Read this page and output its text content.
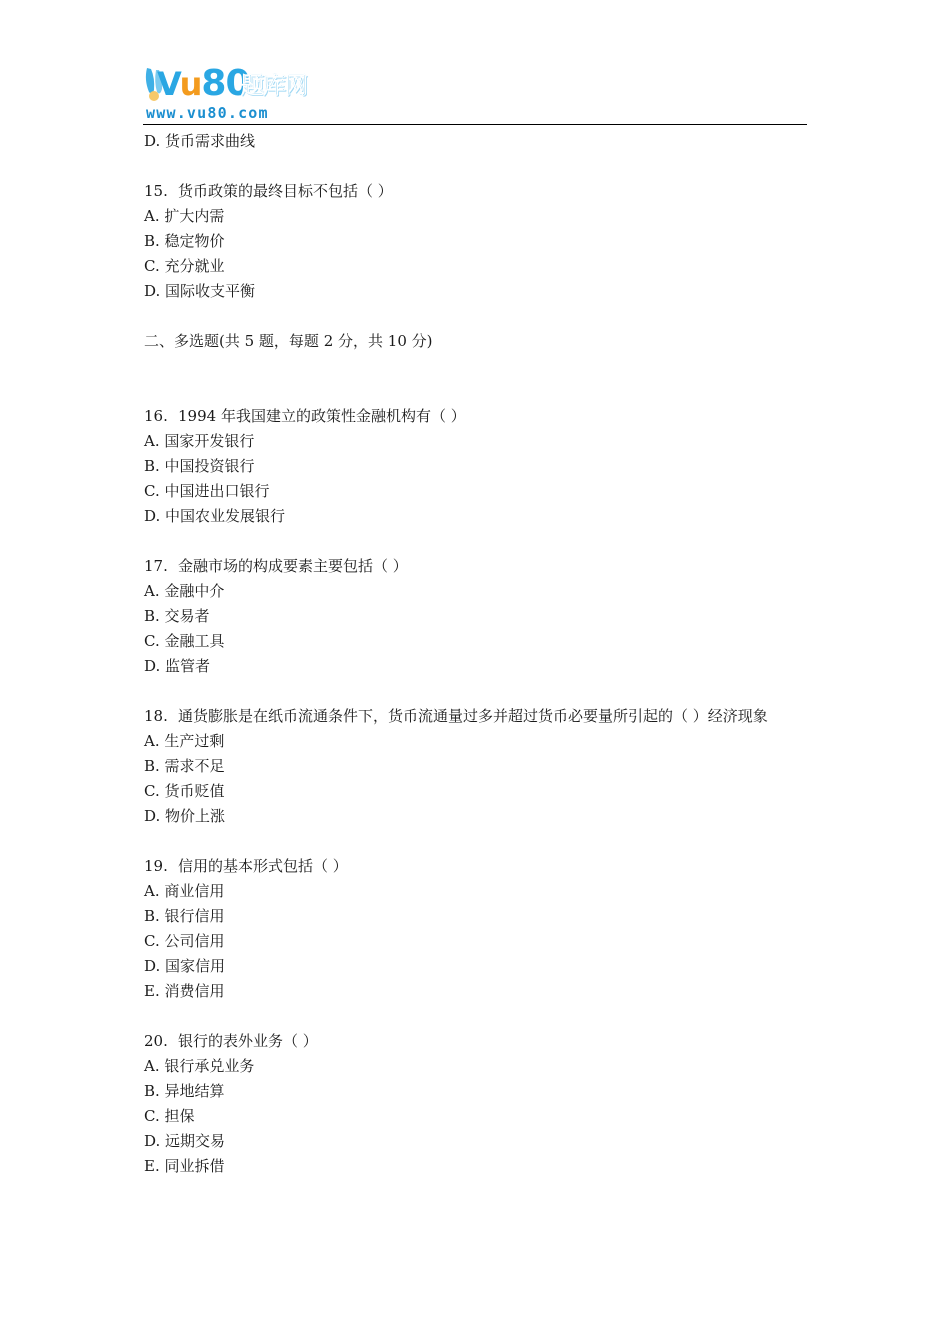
Vu80
题库网
www.vu80.com
D. 货币需求曲线
15. 货币政策的最终目标不包括（ ）
A. 扩大内需
B. 稳定物价
C. 充分就业
D. 国际收支平衡
二、多选题(共 5 题，每题 2 分，共 10 分)
16. 1994 年我国建立的政策性金融机构有（ ）
A. 国家开发银行
B. 中国投资银行
C. 中国进出口银行
D. 中国农业发展银行
17. 金融市场的构成要素主要包括（ ）
A. 金融中介
B. 交易者
C. 金融工具
D. 监管者
18. 通货膨胀是在纸币流通条件下，货币流通量过多并超过货币必要量所引起的（ ）经济现象
A. 生产过剩
B. 需求不足
C. 货币贬值
D. 物价上涨
19. 信用的基本形式包括（ ）
A. 商业信用
B. 银行信用
C. 公司信用
D. 国家信用
E. 消费信用
20. 银行的表外业务（ ）
A. 银行承兑业务
B. 异地结算
C. 担保
D. 远期交易
E. 同业拆借
